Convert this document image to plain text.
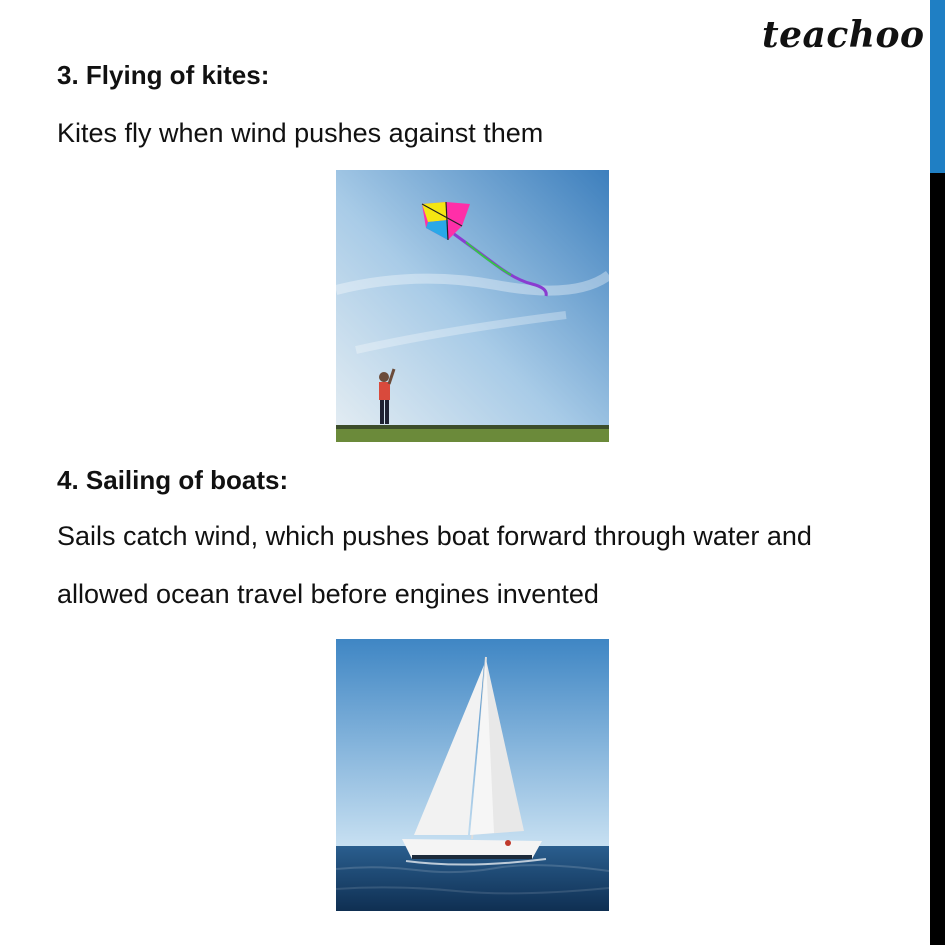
teachoo
3. Flying of kites:
Kites fly when wind pushes against them
4. Sailing of boats:
Sails catch wind, which pushes boat forward through water and
allowed ocean travel before engines invented
